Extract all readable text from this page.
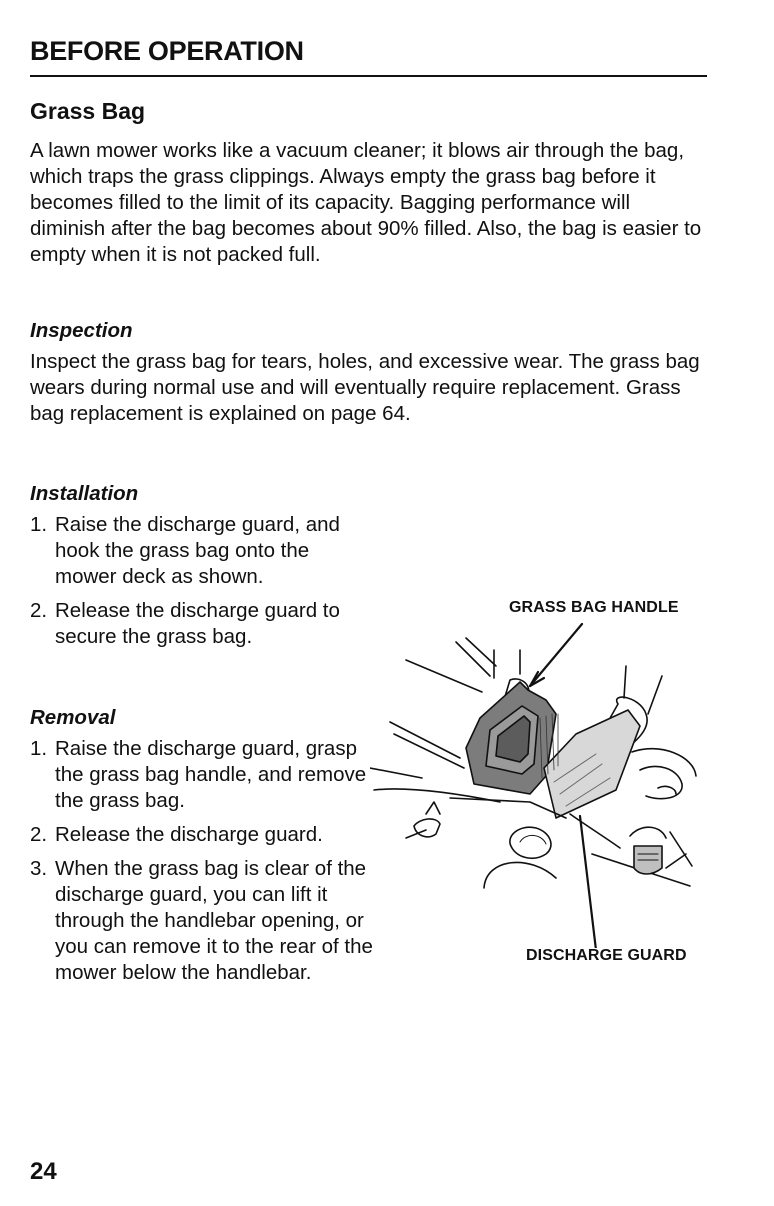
BEFORE OPERATION
Grass Bag

A lawn mower works like a vacuum cleaner; it blows air through the bag, which traps the grass clippings. Always empty the grass bag before it becomes filled to the limit of its capacity. Bagging performance will diminish after the bag becomes about 90% filled. Also, the bag is easier to empty when it is not packed full.

Inspection

Inspect the grass bag for tears, holes, and excessive wear. The grass bag wears during normal use and will eventually require replacement. Grass bag replacement is explained on page 64.

Installation
1. Raise the discharge guard, and hook the grass bag onto the mower deck as shown.
2. Release the discharge guard to secure the grass bag.
Removal
1. Raise the discharge guard, grasp the grass bag handle, and remove the grass bag.
2. Release the discharge guard.
3. When the grass bag is clear of the discharge guard, you can lift it through the handlebar opening, or you can remove it to the rear of the mower below the handlebar.
GRASS BAG HANDLE
DISCHARGE GUARD
24
